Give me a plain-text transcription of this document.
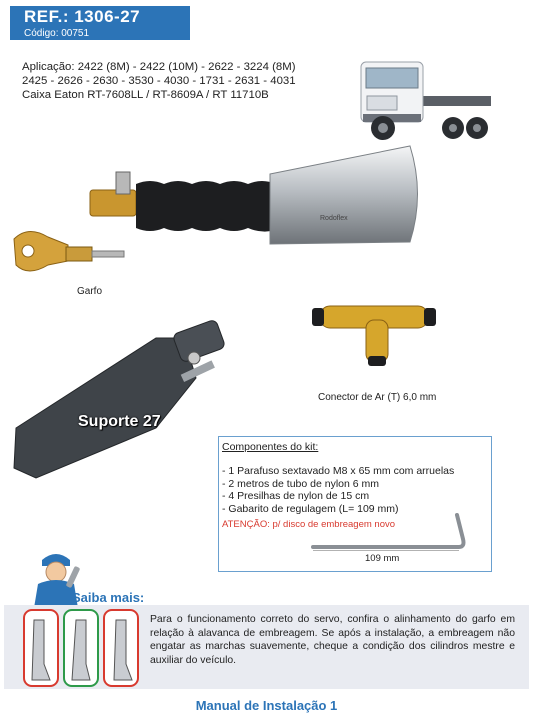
REF.: 1306-27
Código: 00751
Aplicação: 2422 (8M) - 2422 (10M) - 2622 - 3224 (8M)
2425 - 2626 - 2630 - 3530 - 4030 - 1731 - 2631 - 4031
Caixa Eaton RT-7608LL / RT-8609A / RT 11710B
Rodoflex
Garfo
Conector de Ar (T) 6,0 mm
Suporte 27
Componentes do kit:
- 1 Parafuso sextavado M8 x 65 mm com arruelas
- 2 metros de tubo de nylon 6 mm
- 4 Presilhas de nylon de 15 cm
- Gabarito de regulagem (L= 109 mm)
ATENÇÃO: p/ disco de embreagem novo
109 mm
Saiba mais:
Para o funcionamento correto do servo, confira o alinhamento do garfo em relação à alavanca de embreagem. Se após a instalação, a embreagem não engatar as marchas suavemente, cheque a condição dos cilindros mestre e auxiliar do veículo.
Manual de Instalação 1
